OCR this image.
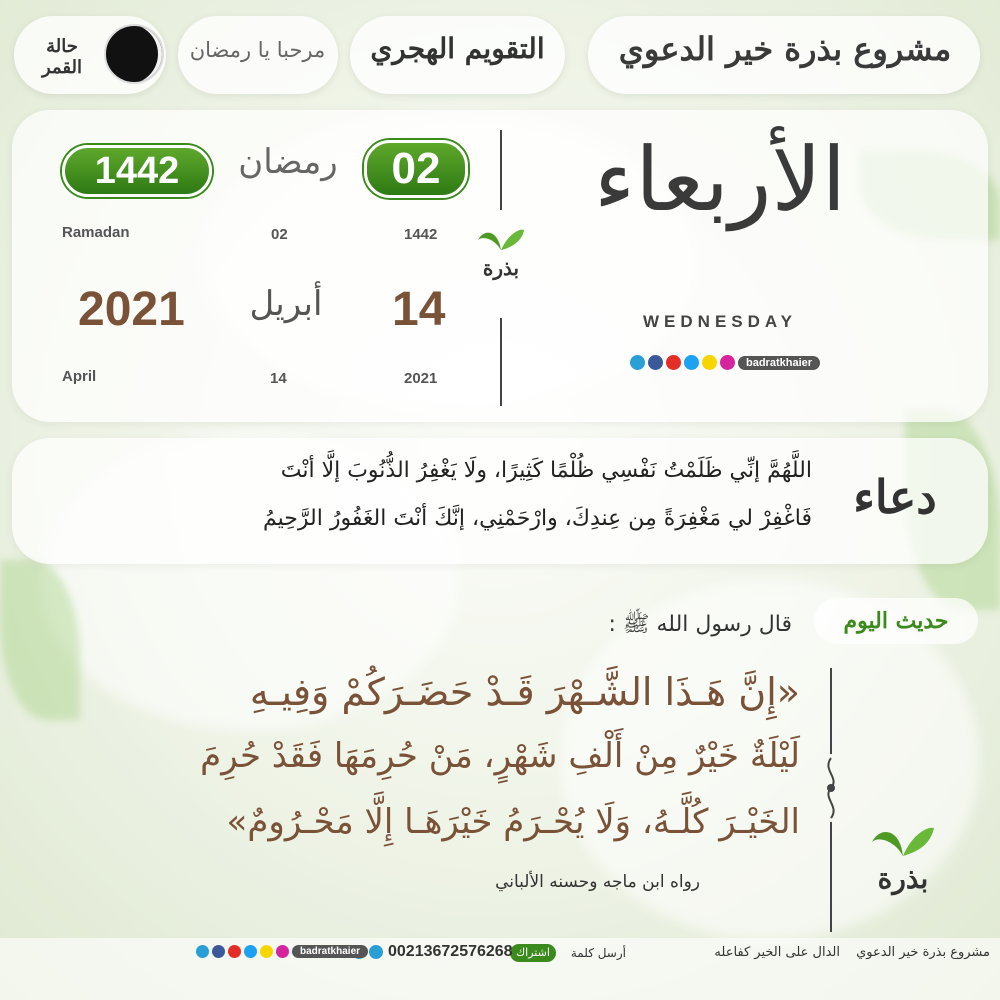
مشروع بذرة خير الدعوي
التقويم الهجري
مرحبا يا رمضان
حالة القمر
02
رمضان
1442
Ramadan	02	1442
14
أبريل
2021
April	14	2021
بذرة
الأربعاء
WEDNESDAY
badratkhaier
دعاء
اللَّهُمَّ إنِّي ظَلَمْتُ نَفْسِي ظُلْمًا كَثِيرًا، ولَا يَغْفِرُ الذُّنُوبَ إلَّا أنْتَ
فَاغْفِرْ لي مَغْفِرَةً مِن عِندِكَ، وارْحَمْنِي، إنَّكَ أنْتَ الغَفُورُ الرَّحِيمُ
حديث اليوم
قال رسول الله ﷺ :
«إِنَّ هَـذَا الشَّـهْرَ قَـدْ حَضَـرَكُمْ وَفِيـهِ
لَيْلَةٌ خَيْرٌ مِنْ أَلْفِ شَهْرٍ، مَنْ حُرِمَهَا فَقَدْ حُرِمَ
الخَيْـرَ كُلَّـهُ، وَلَا يُحْـرَمُ خَيْرَهَـا إِلَّا مَحْـرُومٌ»
رواه ابن ماجه وحسنه الألباني	بذرة
مشروع بذرة خير الدعوي
الدال على الخير كفاعله
أرسل كلمة
اشتراك
00213672576268
badratkhaier
